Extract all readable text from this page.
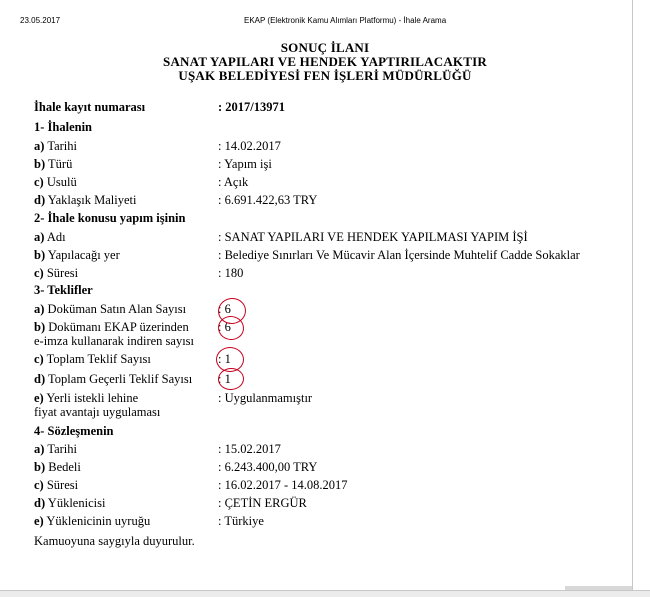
23.05.2017	EKAP (Elektronik Kamu Alımları Platformu) - İhale Arama
SONUÇ İLANI
SANAT YAPILARI VE HENDEK YAPTIRILACAKTIR
UŞAK BELEDİYESİ FEN İŞLERİ MÜDÜRLÜĞÜ
İhale kayıt numarası	: 2017/13971
1- İhalenin
a) Tarihi	: 14.02.2017
b) Türü	: Yapım işi
c) Usulü	: Açık
d) Yaklaşık Maliyeti	: 6.691.422,63 TRY
2- İhale konusu yapım işinin
a) Adı	: SANAT YAPILARI VE HENDEK YAPILMASI YAPIM İŞİ
b) Yapılacağı yer	: Belediye Sınırları Ve Mücavir Alan İçersinde Muhtelif Cadde Sokaklar
c) Süresi	: 180
3- Teklifler
a) Doküman Satın Alan Sayısı	: 6
b) Dokümanı EKAP üzerinden : 6
e-imza kullanarak indiren sayısı
c) Toplam Teklif Sayısı	: 1
d) Toplam Geçerli Teklif Sayısı : 1
e) Yerli istekli lehine	: Uygulanmamıştır
fiyat avantajı uygulaması
4- Sözleşmenin
a) Tarihi	: 15.02.2017
b) Bedeli	: 6.243.400,00 TRY
c) Süresi	: 16.02.2017 - 14.08.2017
d) Yüklenicisi	: ÇETİN ERGÜR
e) Yüklenicinin uyruğu	: Türkiye
Kamuoyuna saygıyla duyurulur.
